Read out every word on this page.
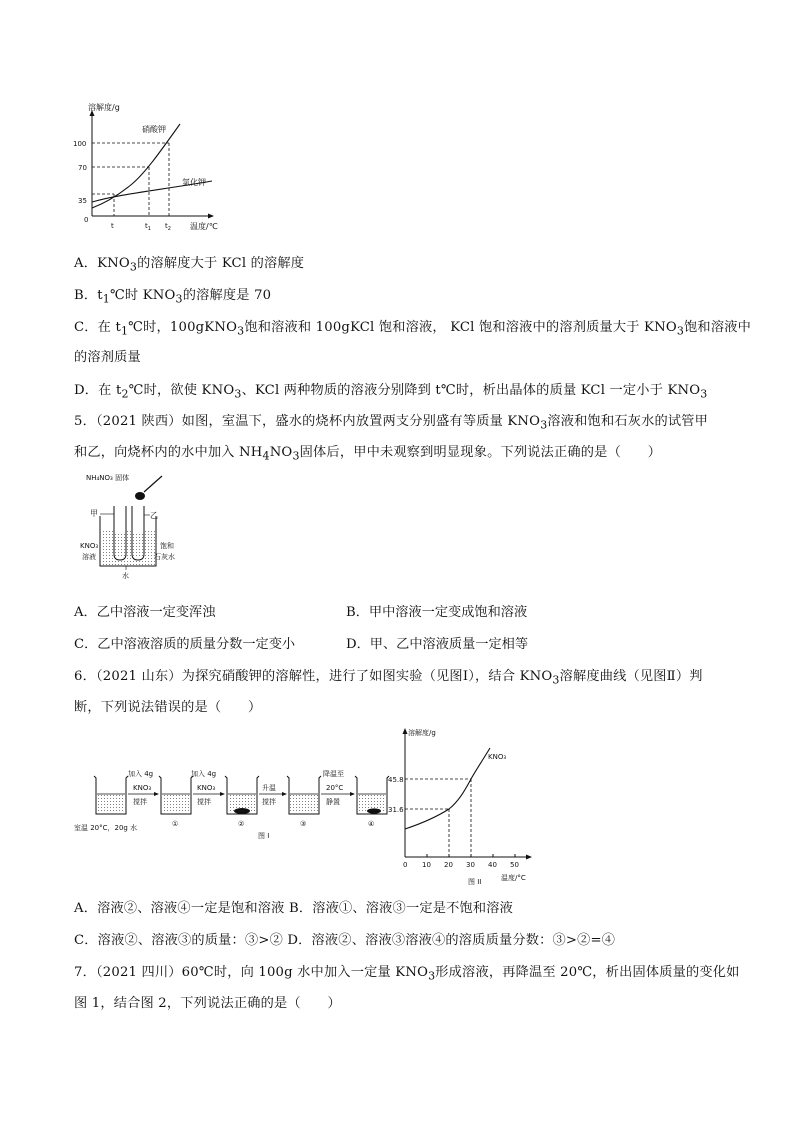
溶解度/g
温度/℃
硝酸钾
氯化钾
100
70
35
0
t	$t_1$ $t_2$
A．$KNO_3$的溶解度大于 KCl 的溶解度
B．$t_1℃$时 $KNO_3$的溶解度是 70
C．在 $t_1℃$时，100gKNO$_3$饱和溶液和 100gKCl 饱和溶液， KCl 饱和溶液中的溶剂质量大于 $KNO_3$饱和溶液中
的溶剂质量
D．在 $t_2℃$时，欲使 $KNO_3$、KCl 两种物质的溶液分别降到 t℃时，析出晶体的质量 KCl 一定小于 $KNO_3$
5．（2021 陕西）如图，室温下，盛水的烧杯内放置两支分别盛有等质量 $KNO_3$溶液和饱和石灰水的试管甲
和乙，向烧杯内的水中加入 $NH_4NO_3$固体后，甲中未观察到明显现象。下列说法正确的是（　　）
NH₄NO₃ 固体
甲	乙
KNO₃
溶液
饱和
石灰水
水
A．乙中溶液一定变浑浊	B．甲中溶液一定变成饱和溶液
C．乙中溶液溶质的质量分数一定变小	D．甲、乙中溶液质量一定相等
6．（2021 山东）为探究硝酸钾的溶解性，进行了如图实验（见图Ⅰ），结合 $KNO_3$溶解度曲线（见图Ⅱ）判
断，下列说法错误的是（　　）
加入 4g
KNO₃
搅拌
加入 4g
KNO₃
搅拌
升温
搅拌
降温至
20°C
静置
室温 20°C，20g 水	①	②	③	④
图 I
溶解度/g
KNO₃
45.8
31.6
0 10 20 30 40 50
温度/°C
图 II
A．溶液②、溶液④一定是饱和溶液 B．溶液①、溶液③一定是不饱和溶液
C．溶液②、溶液③的质量：③>② D．溶液②、溶液③溶液④的溶质质量分数：③>②=④
7．（2021 四川）60℃时，向 100g 水中加入一定量 $KNO_3$形成溶液，再降温至 20℃，析出固体质量的变化如
图 1，结合图 2，下列说法正确的是（　　）
